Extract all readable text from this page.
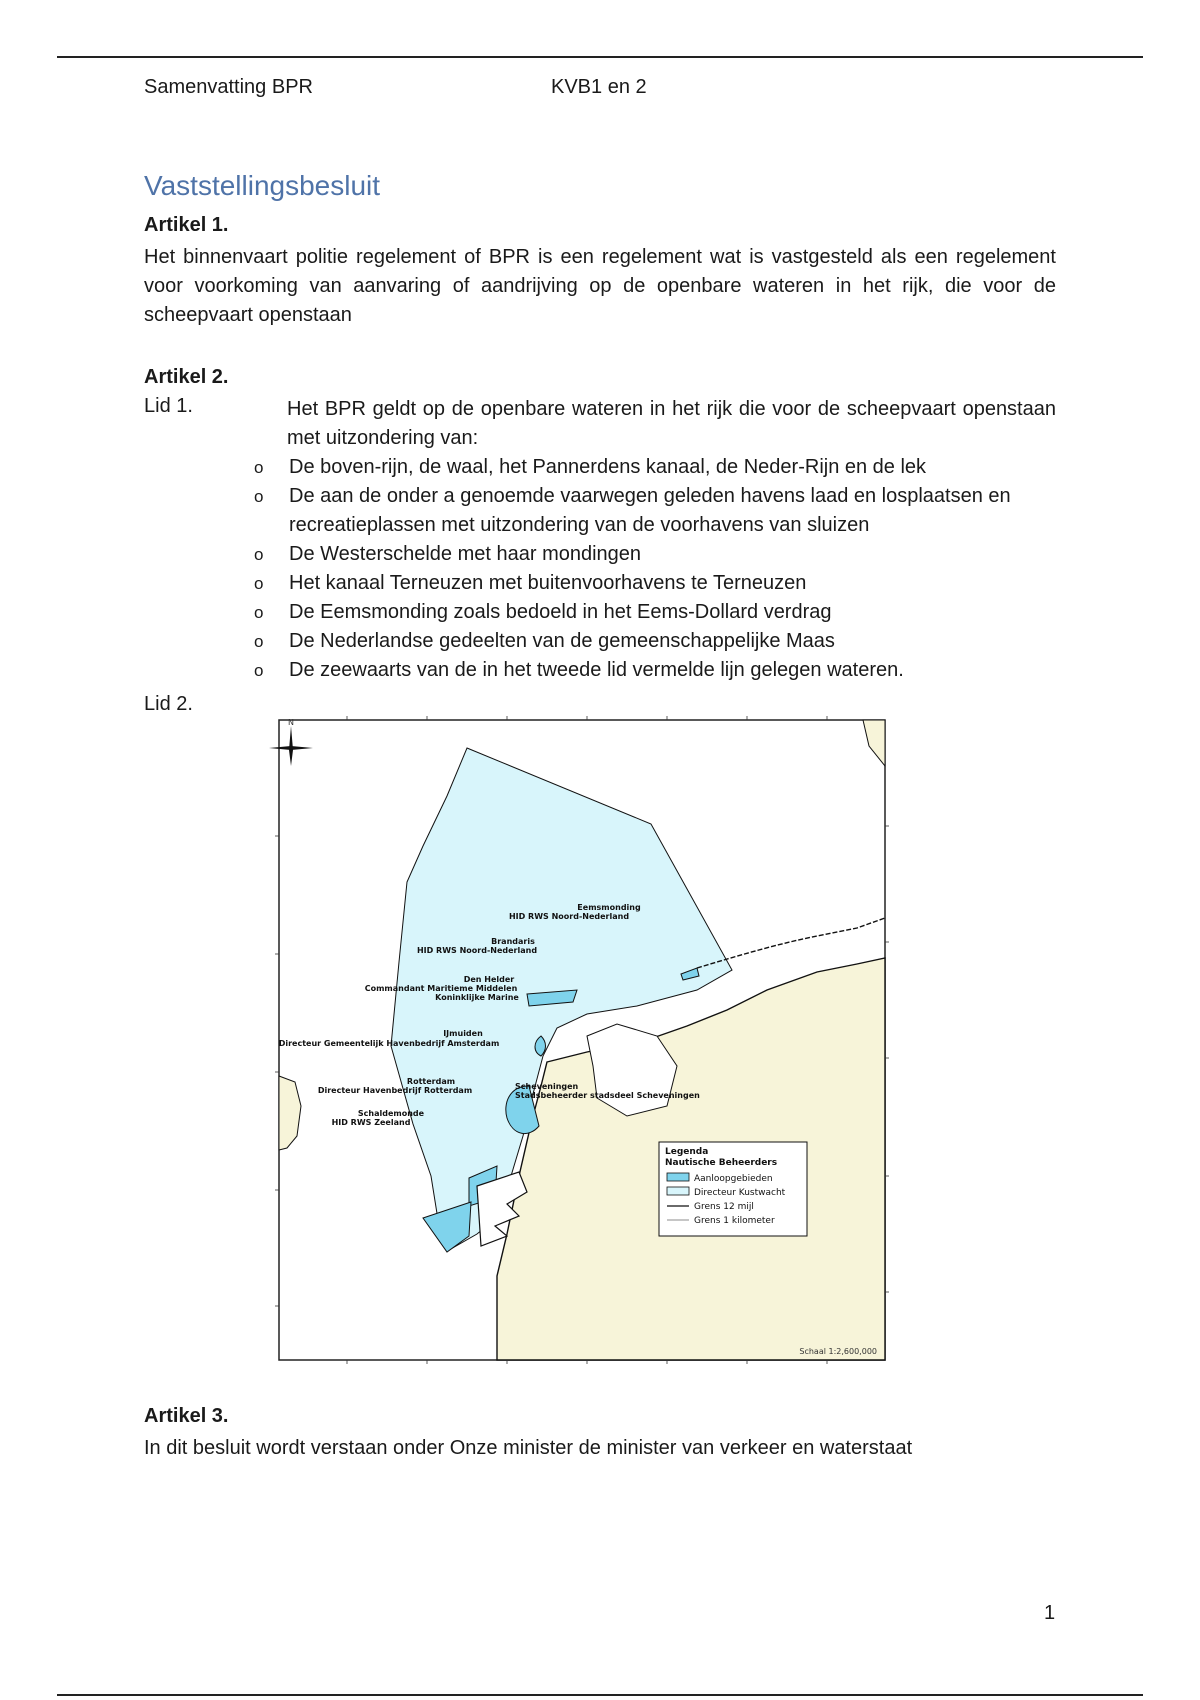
Samenvatting BPR	KVB1 en 2
Vaststellingsbesluit
Artikel 1.
Het binnenvaart politie regelement of BPR is een regelement wat is vastgesteld als een regelement voor voorkoming van aanvaring of aandrijving op de openbare wateren in het rijk, die voor de scheepvaart openstaan
Artikel 2.
Lid 1.	Het BPR geldt op de openbare wateren in het rijk die voor de scheepvaart openstaan met uitzondering van:
o De boven-rijn, de waal, het Pannerdens kanaal, de Neder-Rijn en de lek
o De aan de onder a genoemde vaarwegen geleden havens laad en losplaatsen en recreatieplassen met uitzondering van de voorhavens van sluizen
o De Westerschelde met haar mondingen
o Het kanaal Terneuzen met buitenvoorhavens te Terneuzen
o De Eemsmonding zoals bedoeld in het Eems-Dollard verdrag
o De Nederlandse gedeelten van de gemeenschappelijke Maas
o De zeewaarts van de in het tweede lid vermelde lijn gelegen wateren.
Lid 2.
N
Eemsmonding
HID RWS Noord-Nederland
Brandaris
HID RWS Noord-Nederland
Den Helder
Commandant Maritieme Middelen
Koninklijke Marine
IJmuiden
Directeur Gemeentelijk Havenbedrijf Amsterdam
Rotterdam
Directeur Havenbedrijf Rotterdam	Scheveningen
Stadsbeheerder stadsdeel Scheveningen
Schaldemonde
HID RWS Zeeland
Legenda
Nautische Beheerders
Aanloopgebieden
Directeur Kustwacht
Grens 12 mijl
Grens 1 kilometer
Schaal 1:2,600,000
Artikel 3.
In dit besluit wordt verstaan onder Onze minister de minister van verkeer en waterstaat
1
